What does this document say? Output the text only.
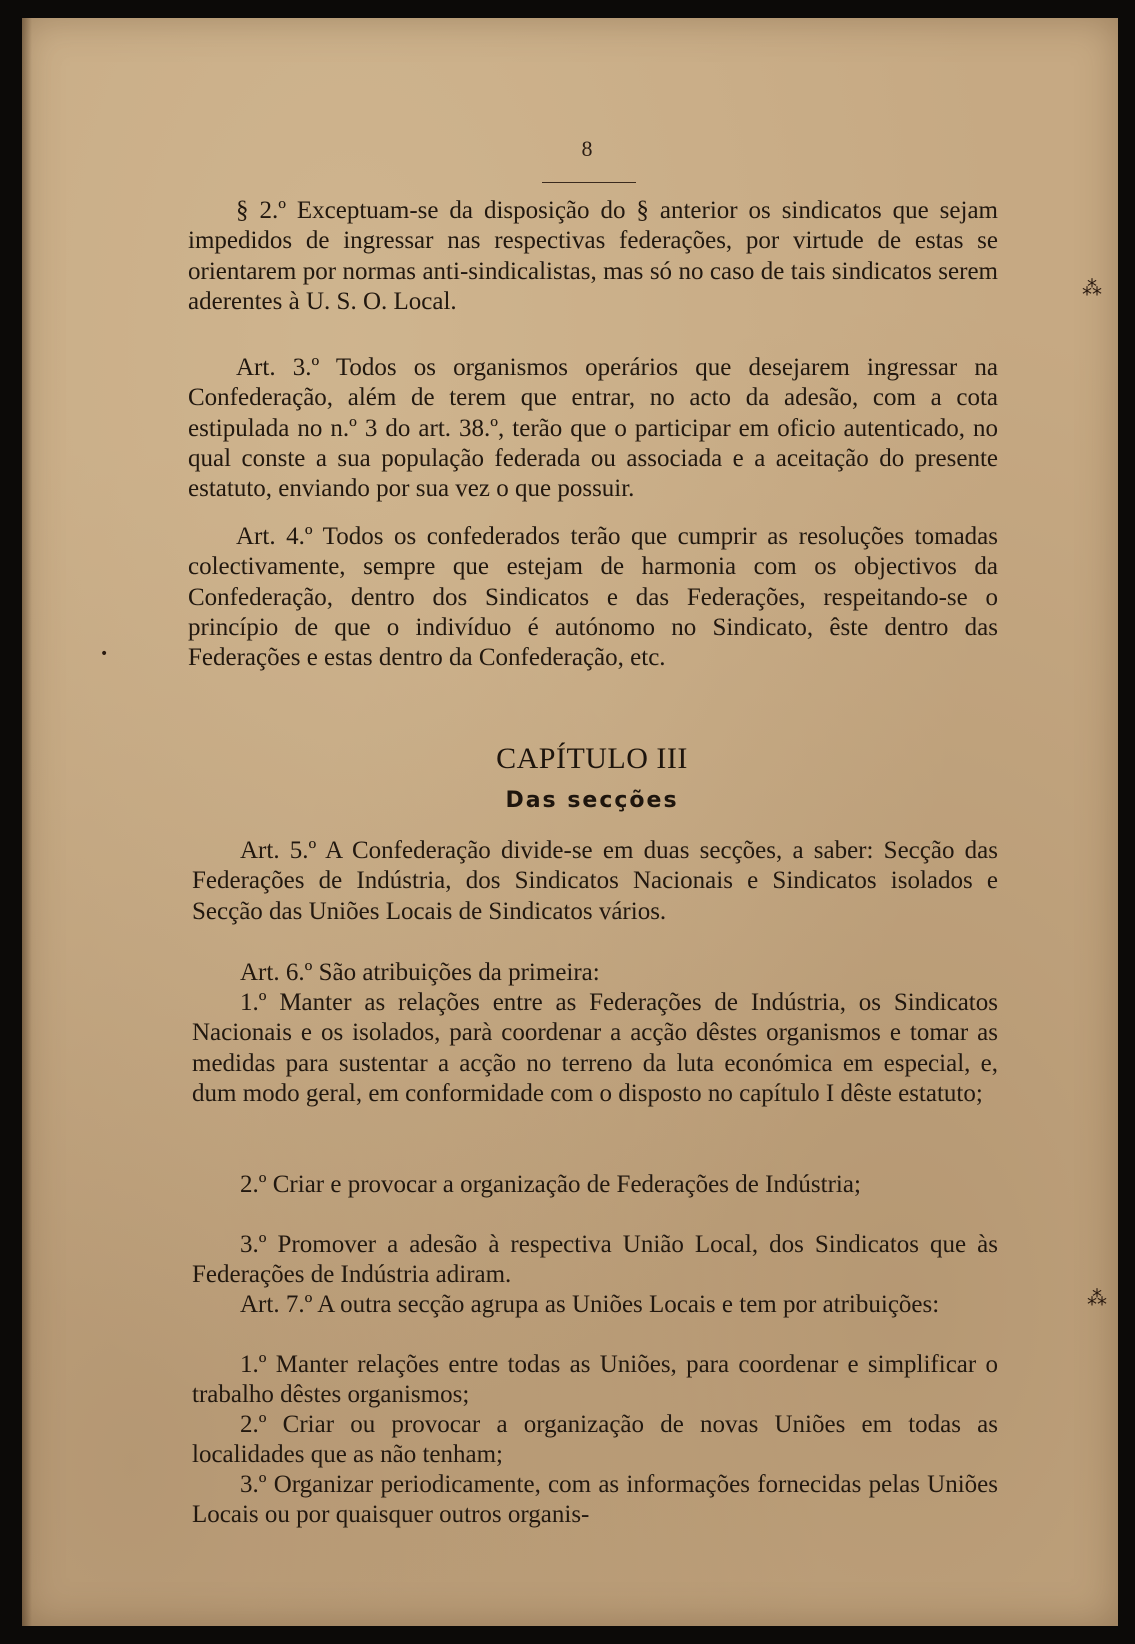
8

§ 2.º Exceptuam-se da disposição do § anterior os sindicatos que sejam impedidos de ingressar nas respectivas federações, por virtude de estas se orientarem por normas anti-sindicalistas, mas só no caso de tais sindicatos serem aderentes à U. S. O. Local.

Art. 3.º Todos os organismos operários que desejarem ingressar na Confederação, além de terem que entrar, no acto da adesão, com a cota estipulada no n.º 3 do art. 38.º, terão que o participar em oficio autenticado, no qual conste a sua população federada ou associada e a aceitação do presente estatuto, enviando por sua vez o que possuir.

Art. 4.º Todos os confederados terão que cumprir as resoluções tomadas colectivamente, sempre que estejam de harmonia com os objectivos da Confederação, dentro dos Sindicatos e das Federações, respeitando-se o princípio de que o indivíduo é autónomo no Sindicato, êste dentro das Federações e estas dentro da Confederação, etc.

CAPÍTULO III
Das secções

Art. 5.º A Confederação divide-se em duas secções, a saber: Secção das Federações de Indústria, dos Sindicatos Nacionais e Sindicatos isolados e Secção das Uniões Locais de Sindicatos vários.

Art. 6.º São atribuições da primeira:

1.º Manter as relações entre as Federações de Indústria, os Sindicatos Nacionais e os isolados, parà coordenar a acção dêstes organismos e tomar as medidas para sustentar a acção no terreno da luta económica em especial, e, dum modo geral, em conformidade com o disposto no capítulo I dêste estatuto;

2.º Criar e provocar a organização de Federações de Indústria;

3.º Promover a adesão à respectiva União Local, dos Sindicatos que às Federações de Indústria adiram.

Art. 7.º A outra secção agrupa as Uniões Locais e tem por atribuições:

1.º Manter relações entre todas as Uniões, para coordenar e simplificar o trabalho dêstes organismos;

2.º Criar ou provocar a organização de novas Uniões em todas as localidades que as não tenham;

3.º Organizar periodicamente, com as informações fornecidas pelas Uniões Locais ou por quaisquer outros organis-

⁂
⁂
•
